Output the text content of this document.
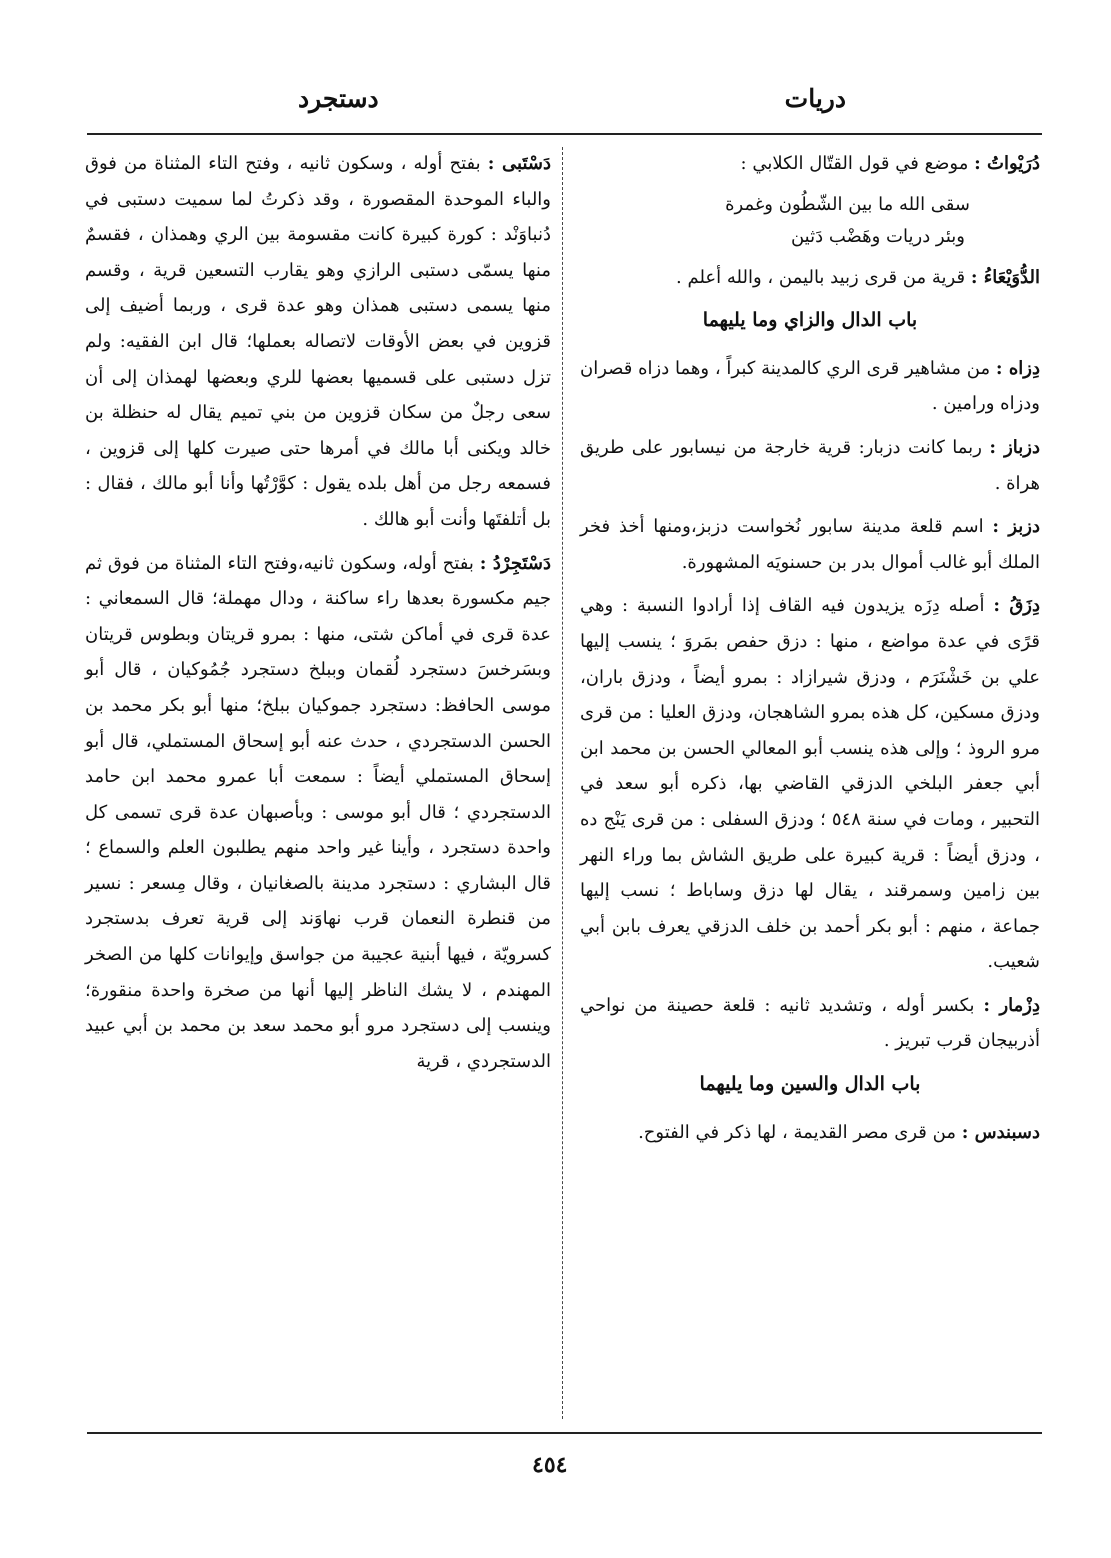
دريات
دستجرد

دُرَيْواتُ : موضع في قول القتّال الكلابي :

سقى الله ما بين الشّطُون وغمرة
وبئر دريات وهَضْب دَثين

الدُّوَيْعَاءُ : قرية من قرى زبيد باليمن ، والله أعلم .

باب الدال والزاي وما يليهما

دِزاه : من مشاهير قرى الري كالمدينة كبراً ، وهما دزاه قصران ودزاه ورامين .

دزباز : ربما كانت دزبار: قرية خارجة من نيسابور على طريق هراة .

دزبز : اسم قلعة مدينة سابور نُخواست دزبز،ومنها أخذ فخر الملك أبو غالب أموال بدر بن حسنويَه المشهورة.

دِزَقُ : أصله دِزَه يزيدون فيه القاف إذا أرادوا النسبة : وهي قرًى في عدة مواضع ، منها : دزق حفص بمَروَ ؛ ينسب إليها علي بن خَشْنَرَم ، ودزق شيرازاد : بمرو أيضاً ، ودزق باران، ودزق مسكين، كل هذه بمرو الشاهجان، ودزق العليا : من قرى مرو الروذ ؛ وإلى هذه ينسب أبو المعالي الحسن بن محمد ابن أبي جعفر البلخي الدزقي القاضي بها، ذكره أبو سعد في التحبير ، ومات في سنة ٥٤٨ ؛ ودزق السفلى : من قرى يَنْج ده ، ودزق أيضاً : قرية كبيرة على طريق الشاش بما وراء النهر بين زامين وسمرقند ، يقال لها دزق وساباط ؛ نسب إليها جماعة ، منهم : أبو بكر أحمد بن خلف الدزقي يعرف بابن أبي شعيب.

دِزْمار : بكسر أوله ، وتشديد ثانيه : قلعة حصينة من نواحي أذربيجان قرب تبريز .

باب الدال والسين وما يليهما

دسبندس : من قرى مصر القديمة ، لها ذكر في الفتوح.

دَسْتَبى : بفتح أوله ، وسكون ثانيه ، وفتح التاء المثناة من فوق والباء الموحدة المقصورة ، وقد ذكرتُ لما سميت دستبى في دُنباوَنْد : كورة كبيرة كانت مقسومة بين الري وهمذان ، فقسمٌ منها يسمّى دستبى الرازي وهو يقارب التسعين قرية ، وقسم منها يسمى دستبى همذان وهو عدة قرى ، وربما أضيف إلى قزوين في بعض الأوقات لاتصاله بعملها؛ قال ابن الفقيه: ولم تزل دستبى على قسميها بعضها للري وبعضها لهمذان إلى أن سعى رجلٌ من سكان قزوين من بني تميم يقال له حنظلة بن خالد ويكنى أبا مالك في أمرها حتى صيرت كلها إلى قزوين ، فسمعه رجل من أهل بلده يقول : كوَّرْتُها وأنا أبو مالك ، فقال : بل أتلفتَها وأنت أبو هالك .

دَسْتَجِرْدُ : بفتح أوله، وسكون ثانيه،وفتح التاء المثناة من فوق ثم جيم مكسورة بعدها راء ساكنة ، ودال مهملة؛ قال السمعاني : عدة قرى في أماكن شتى، منها : بمرو قريتان وبطوس قريتان وبسَرخسَ دستجرد لُقمان وببلخ دستجرد جُمُوكيان ، قال أبو موسى الحافظ: دستجرد جموكيان ببلخ؛ منها أبو بكر محمد بن الحسن الدستجردي ، حدث عنه أبو إسحاق المستملي، قال أبو إسحاق المستملي أيضاً : سمعت أبا عمرو محمد ابن حامد الدستجردي ؛ قال أبو موسى : وبأصبهان عدة قرى تسمى كل واحدة دستجرد ، وأينا غير واحد منهم يطلبون العلم والسماع ؛ قال البشاري : دستجرد مدينة بالصغانيان ، وقال مِسعر : نسير من قنطرة النعمان قرب نهاوَند إلى قرية تعرف بدستجرد كسرويّة ، فيها أبنية عجيبة من جواسق وإيوانات كلها من الصخر المهندم ، لا يشك الناظر إليها أنها من صخرة واحدة منقورة؛وينسب إلى دستجرد مرو أبو محمد سعد بن محمد بن أبي عبيد الدستجردي ، قرية

٤٥٤
